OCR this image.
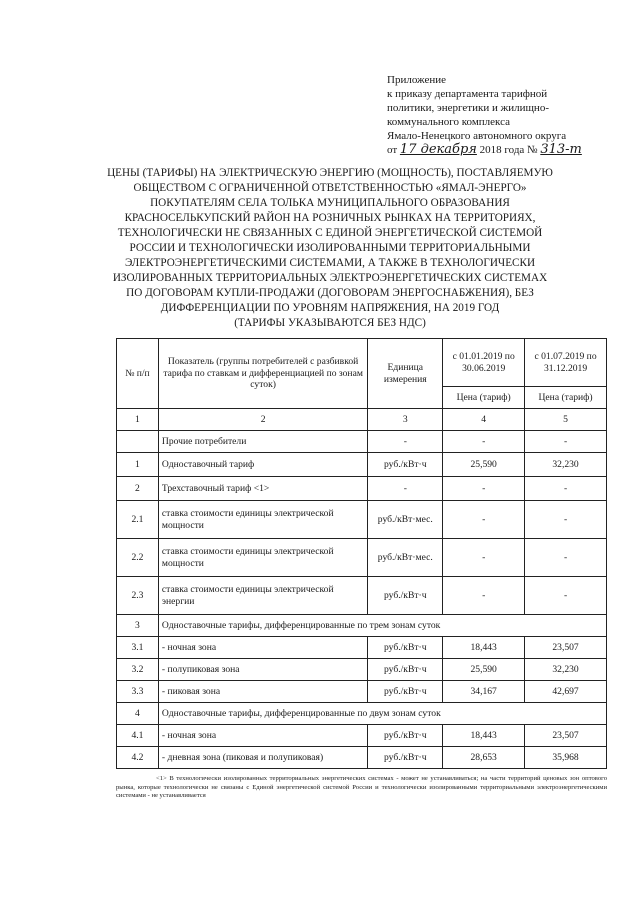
Приложение
к приказу департамента тарифной
политики, энергетики и жилищно-
коммунального комплекса
Ямало-Ненецкого автономного округа
от 17 декабря 2018 года № 313-т
ЦЕНЫ (ТАРИФЫ) НА ЭЛЕКТРИЧЕСКУЮ ЭНЕРГИЮ (МОЩНОСТЬ), ПОСТАВЛЯЕМУЮ
ОБЩЕСТВОМ С ОГРАНИЧЕННОЙ ОТВЕТСТВЕННОСТЬЮ «ЯМАЛ-ЭНЕРГО»
ПОКУПАТЕЛЯМ СЕЛА ТОЛЬКА МУНИЦИПАЛЬНОГО ОБРАЗОВАНИЯ
КРАСНОСЕЛЬКУПСКИЙ РАЙОН НА РОЗНИЧНЫХ РЫНКАХ НА ТЕРРИТОРИЯХ,
ТЕХНОЛОГИЧЕСКИ НЕ СВЯЗАННЫХ С ЕДИНОЙ ЭНЕРГЕТИЧЕСКОЙ СИСТЕМОЙ
РОССИИ И ТЕХНОЛОГИЧЕСКИ ИЗОЛИРОВАННЫМИ ТЕРРИТОРИАЛЬНЫМИ
ЭЛЕКТРОЭНЕРГЕТИЧЕСКИМИ СИСТЕМАМИ, А ТАКЖЕ В ТЕХНОЛОГИЧЕСКИ
ИЗОЛИРОВАННЫХ ТЕРРИТОРИАЛЬНЫХ ЭЛЕКТРОЭНЕРГЕТИЧЕСКИХ СИСТЕМАХ
ПО ДОГОВОРАМ КУПЛИ-ПРОДАЖИ (ДОГОВОРАМ ЭНЕРГОСНАБЖЕНИЯ), БЕЗ
ДИФФЕРЕНЦИАЦИИ ПО УРОВНЯМ НАПРЯЖЕНИЯ, НА 2019 ГОД
(ТАРИФЫ УКАЗЫВАЮТСЯ БЕЗ НДС)
№ п/п	Показатель (группы потребителей с разбивкой тарифа по ставкам и дифференциацией по зонам суток)	Единица измерения	с 01.01.2019 по 30.06.2019	с 01.07.2019 по 31.12.2019
			Цена (тариф)	Цена (тариф)
1	2	3	4	5
	Прочие потребители	-	-	-
1	Одноставочный тариф	руб./кВт·ч	25,590	32,230
2	Трехставочный тариф <1>	-	-	-
2.1	ставка стоимости единицы электрической мощности	руб./кВт·мес.	-	-
2.2	ставка стоимости единицы электрической мощности	руб./кВт·мес.	-	-
2.3	ставка стоимости единицы электрической энергии	руб./кВт·ч	-	-
3	Одноставочные тарифы, дифференцированные по трем зонам суток			
3.1	- ночная зона	руб./кВт·ч	18,443	23,507
3.2	- полупиковая зона	руб./кВт·ч	25,590	32,230
3.3	- пиковая зона	руб./кВт·ч	34,167	42,697
4	Одноставочные тарифы, дифференцированные по двум зонам суток			
4.1	- ночная зона	руб./кВт·ч	18,443	23,507
4.2	- дневная зона (пиковая и полупиковая)	руб./кВт·ч	28,653	35,968
<1> В технологически изолированных территориальных энергетических системах - может не устанавливаться; на части территорий ценовых зон оптового рынка, которые технологически не связаны с Единой энергетической системой России и технологически изолированными территориальными электроэнергетическими системами - не устанавливается
